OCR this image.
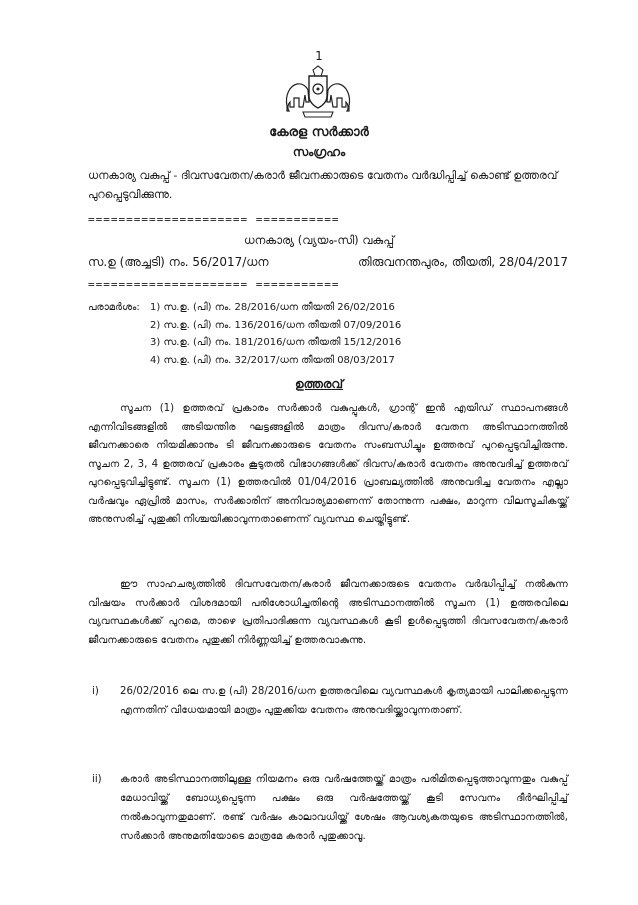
1
കേരള സർക്കാർ
സംഗ്രഹം
ധനകാര്യ വകുപ്പ് - ദിവസവേതന/കരാർ ജീവനക്കാരുടെ വേതനം വർദ്ധിപ്പിച്ച് കൊണ്ട് ഉത്തരവ് പുറപ്പെടുവിക്കുന്നു.
===================== ===========
ധനകാര്യ (വ്യയം-സി) വകുപ്പ്
സ.ഉ (അച്ചടി) നം. 56/2017/ധന	തിരുവനന്തപുരം, തീയതി, 28/04/2017
===================== ===========
പരാമർശം: 1) സ.ഉ. (പി) നം. 28/2016/ധന തീയതി 26/02/2016
2) സ.ഉ. (പി) നം. 136/2016/ധന തീയതി 07/09/2016
3) സ.ഉ. (പി) നം. 181/2016/ധന തീയതി 15/12/2016
4) സ.ഉ. (പി) നം. 32/2017/ധന തീയതി 08/03/2017
ഉത്തരവ്

സൂചന (1) ഉത്തരവ് പ്രകാരം സർക്കാർ വകുപ്പുകൾ, ഗ്രാന്റ് ഇൻ എയിഡ് സ്ഥാപനങ്ങൾ എന്നിവിടങ്ങളിൽ അടിയന്തിര ഘട്ടങ്ങളിൽ മാത്രം ദിവസ/കരാർ വേതന അടിസ്ഥാനത്തിൽ ജീവനക്കാരെ നിയമിക്കാനും ടി ജീവനക്കാരുടെ വേതനം സംബന്ധിച്ചും ഉത്തരവ് പുറപ്പെടുവിച്ചിരുന്നു. സൂചന 2, 3, 4 ഉത്തരവ് പ്രകാരം കൂടുതൽ വിഭാഗങ്ങൾക്ക് ദിവസ/കരാർ വേതനം അനുവദിച്ച് ഉത്തരവ് പുറപ്പെടുവിച്ചിട്ടുണ്ട്. സൂചന (1) ഉത്തരവിൽ 01/04/2016 പ്രാബല്യത്തിൽ അനുവദിച്ച വേതനം എല്ലാ വർഷവും ഏപ്രിൽ മാസം, സർക്കാരിന് അനിവാര്യമാണെന്ന് തോന്നുന്ന പക്ഷം, മാറുന്ന വിലസൂചികയ്ക്ക് അനുസരിച്ച് പുതുക്കി നിശ്ചയിക്കാവുന്നതാണെന്ന് വ്യവസ്ഥ ചെയ്തിട്ടുണ്ട്.

ഈ സാഹചര്യത്തിൽ ദിവസവേതന/കരാർ ജീവനക്കാരുടെ വേതനം വർദ്ധിപ്പിച്ച് നൽകുന്ന വിഷയം സർക്കാർ വിശദമായി പരിശോധിച്ചതിന്റെ അടിസ്ഥാനത്തിൽ സൂചന (1) ഉത്തരവിലെ വ്യവസ്ഥകൾക്ക് പുറമെ, താഴെ പ്രതിപാദിക്കുന്ന വ്യവസ്ഥകൾ കൂടി ഉൾപ്പെടുത്തി ദിവസവേതന/കരാർ ജീവനക്കാരുടെ വേതനം പുതുക്കി നിർണ്ണയിച്ച് ഉത്തരവാകുന്നു.

i) 26/02/2016 ലെ സ.ഉ (പി) 28/2016/ധന ഉത്തരവിലെ വ്യവസ്ഥകൾ കൃത്യമായി പാലിക്കപ്പെടുന്ന എന്നതിന് വിധേയമായി മാത്രം പുതുക്കിയ വേതനം അനുവദിയ്ക്കാവുന്നതാണ്.
ii) കരാർ അടിസ്ഥാനത്തിലുള്ള നിയമനം ഒരു വർഷത്തേയ്ക്ക് മാത്രം പരിമിതപ്പെടുത്താവുന്നതും വകുപ്പ് മേധാവിയ്ക്ക് ബോധ്യപ്പെടുന്ന പക്ഷം ഒരു വർഷത്തേയ്ക്ക് കൂടി സേവനം ദീർഘിപ്പിച്ച് നൽകാവുന്നതുമാണ്. രണ്ട് വർഷം കാലാവധിയ്ക്ക് ശേഷം ആവശ്യകതയുടെ അടിസ്ഥാനത്തിൽ, സർക്കാർ അനുമതിയോടെ മാത്രമേ കരാർ പുതുക്കാവൂ.
